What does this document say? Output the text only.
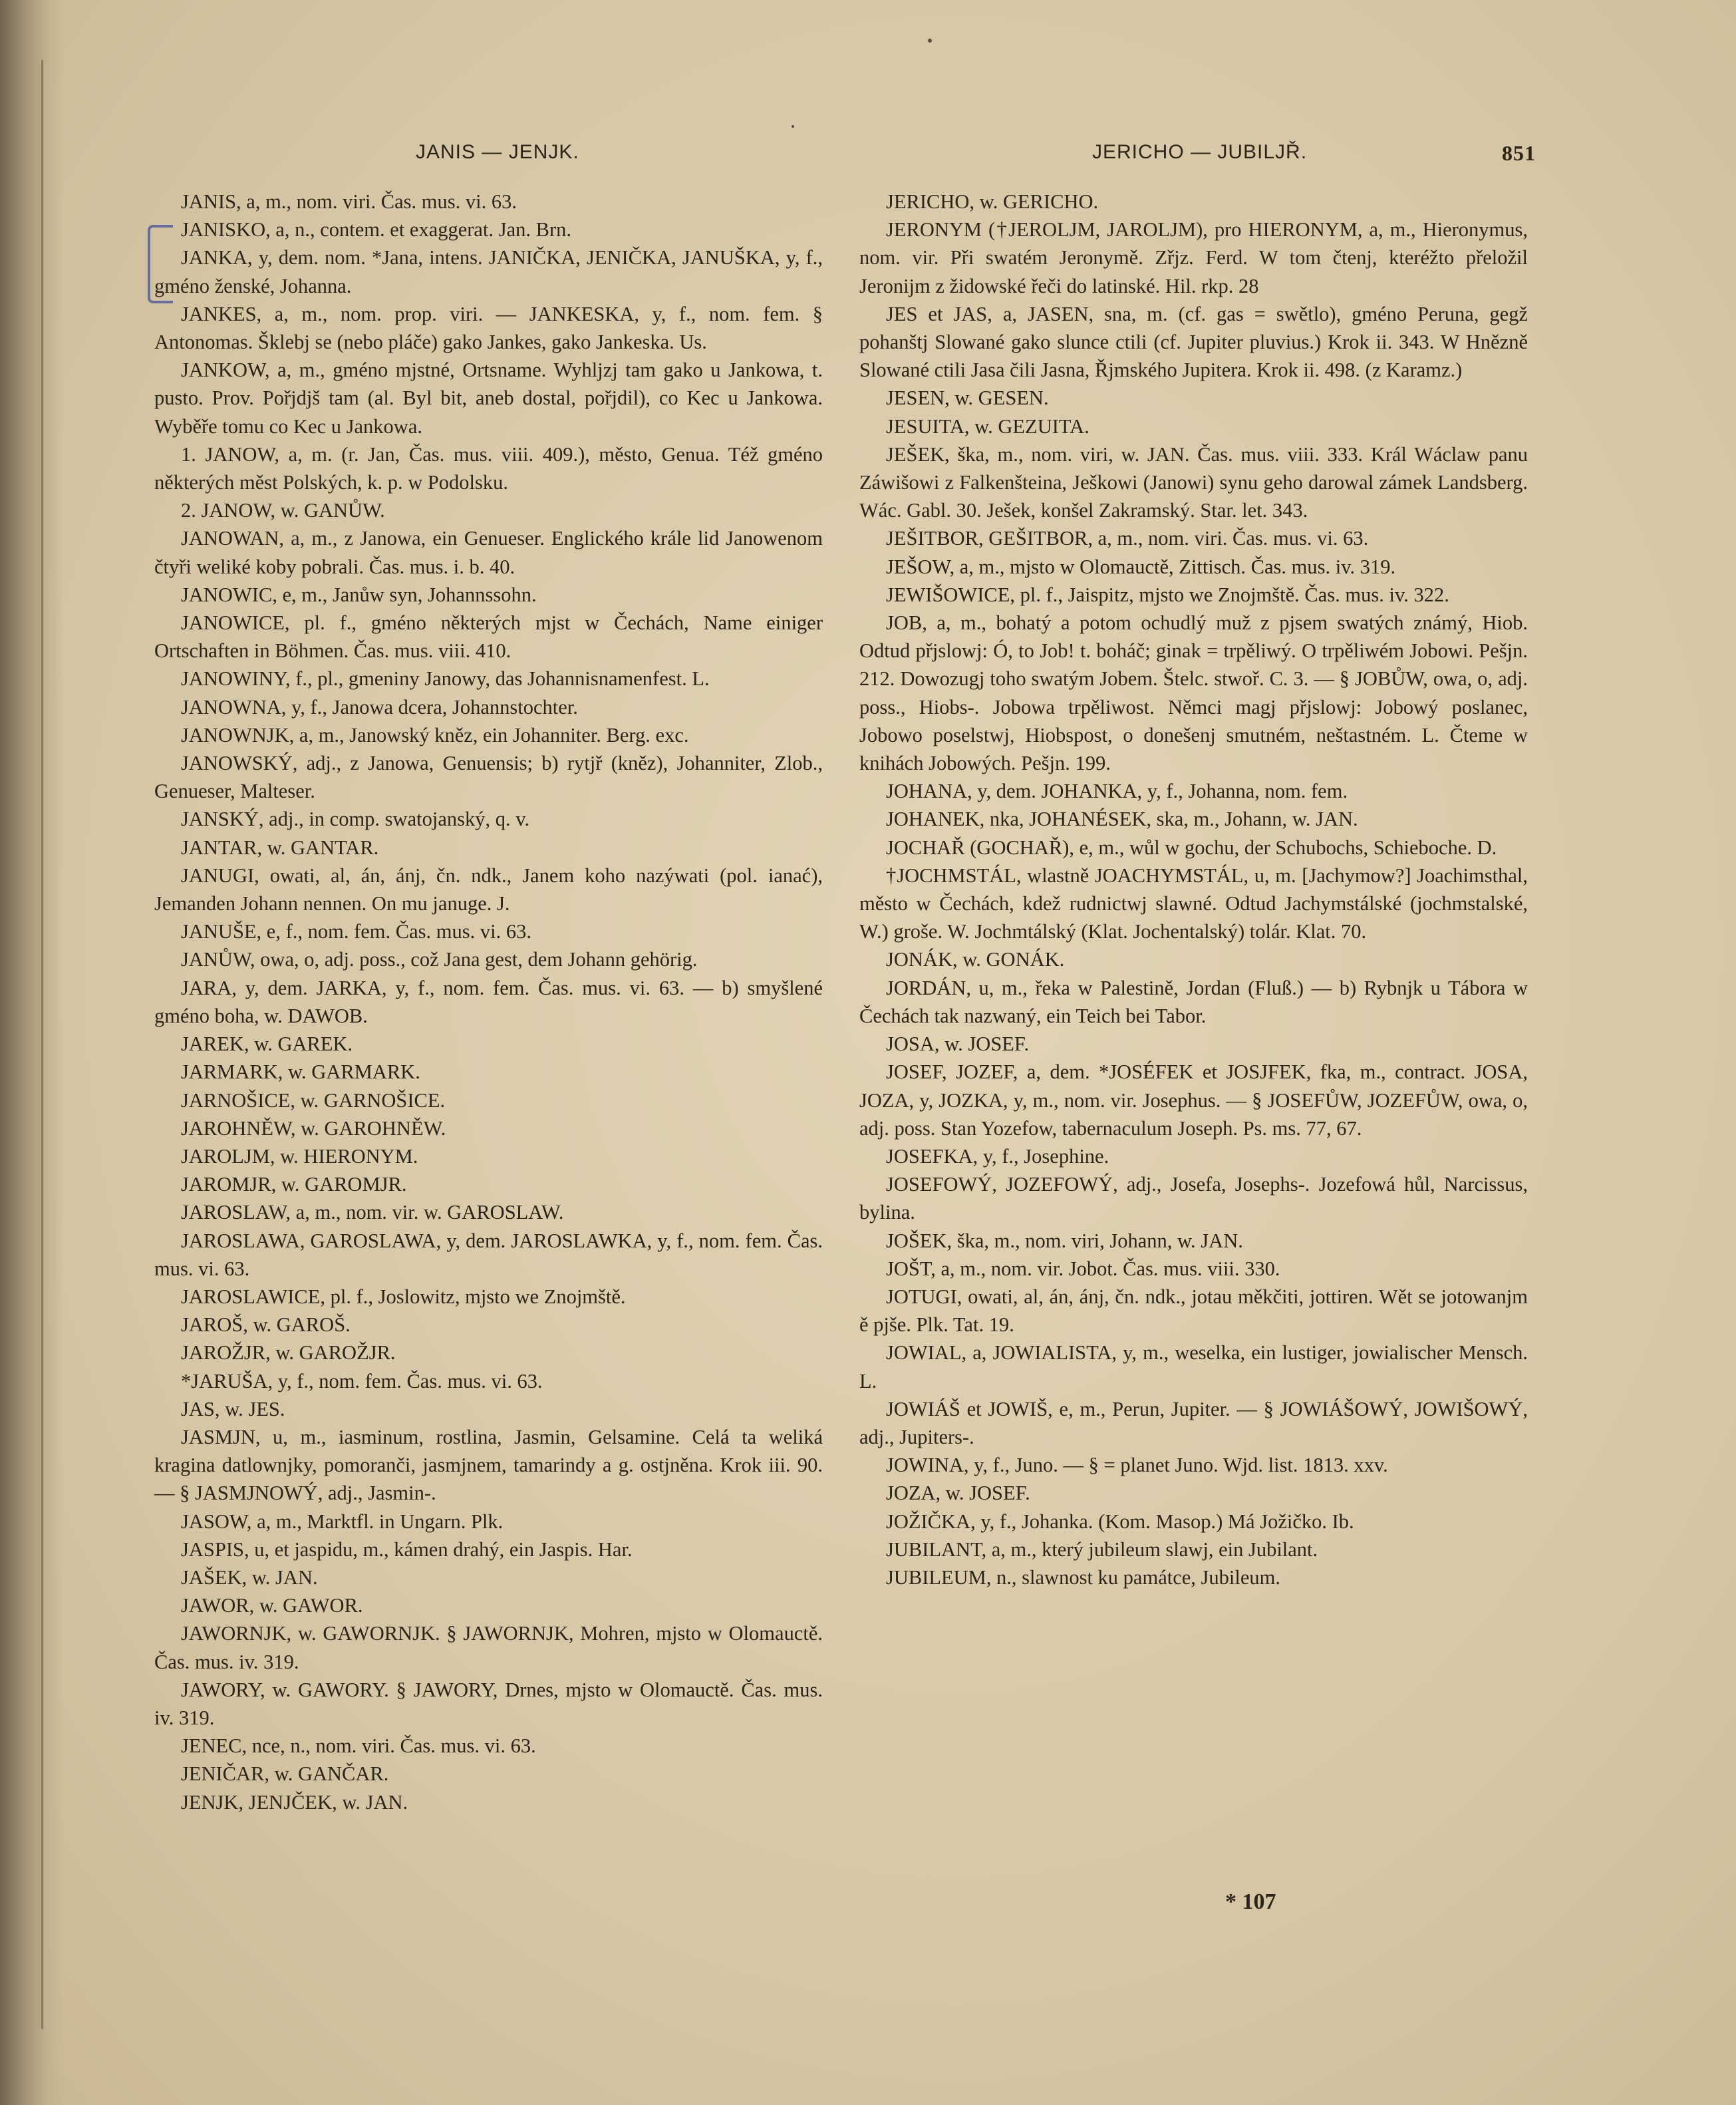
JANIS — JENJK.	JERICHO — JUBILJŘ.	851

JANIS, a, m., nom. viri. Čas. mus. vi. 63.

JANISKO, a, n., contem. et exaggerat. Jan. Brn.

JANKA, y, dem. nom. *Jana, intens. JANIČKA, JENIČKA, JANUŠKA, y, f., gméno ženské, Johanna.

JANKES, a, m., nom. prop. viri. — JANKESKA, y, f., nom. fem. § Antonomas. Šklebj se (nebo pláče) gako Jankes, gako Jankeska. Us.

JANKOW, a, m., gméno mjstné, Ortsname. Wyhljzj tam gako u Jankowa, t. pusto. Prov. Pořjdjš tam (al. Byl bit, aneb dostal, pořjdil), co Kec u Jankowa. Wyběře tomu co Kec u Jankowa.

1. JANOW, a, m. (r. Jan, Čas. mus. viii. 409.), město, Genua. Též gméno některých měst Polských, k. p. w Podolsku.

2. JANOW, w. GANŮW.

JANOWAN, a, m., z Janowa, ein Genueser. Englického krále lid Janowenom čtyři weliké koby pobrali. Čas. mus. i. b. 40.

JANOWIC, e, m., Janůw syn, Johannssohn.

JANOWICE, pl. f., gméno některých mjst w Čechách, Name einiger Ortschaften in Böhmen. Čas. mus. viii. 410.

JANOWINY, f., pl., gmeniny Janowy, das Johannisnamenfest. L.

JANOWNA, y, f., Janowa dcera, Johannstochter.

JANOWNJK, a, m., Janowský kněz, ein Johanniter. Berg. exc.

JANOWSKÝ, adj., z Janowa, Genuensis; b) rytjř (kněz), Johanniter, Zlob., Genueser, Malteser.

JANSKÝ, adj., in comp. swatojanský, q. v.

JANTAR, w. GANTAR.

JANUGI, owati, al, án, ánj, čn. ndk., Janem koho nazýwati (pol. ianać), Jemanden Johann nennen. On mu januge. J.

JANUŠE, e, f., nom. fem. Čas. mus. vi. 63.

JANŮW, owa, o, adj. poss., což Jana gest, dem Johann gehörig.

JARA, y, dem. JARKA, y, f., nom. fem. Čas. mus. vi. 63. — b) smyšlené gméno boha, w. DAWOB.

JAREK, w. GAREK.

JARMARK, w. GARMARK.

JARNOŠICE, w. GARNOŠICE.

JAROHNĚW, w. GAROHNĚW.

JAROLJM, w. HIERONYM.

JAROMJR, w. GAROMJR.

JAROSLAW, a, m., nom. vir. w. GAROSLAW.

JAROSLAWA, GAROSLAWA, y, dem. JAROSLAWKA, y, f., nom. fem. Čas. mus. vi. 63.

JAROSLAWICE, pl. f., Joslowitz, mjsto we Znojmště.

JAROŠ, w. GAROŠ.

JAROŽJR, w. GAROŽJR.

*JARUŠA, y, f., nom. fem. Čas. mus. vi. 63.

JAS, w. JES.

JASMJN, u, m., iasminum, rostlina, Jasmin, Gelsamine. Celá ta weliká kragina datlownjky, pomoranči, jasmjnem, tamarindy a g. ostjněna. Krok iii. 90. — § JASMJNOWÝ, adj., Jasmin-.

JASOW, a, m., Marktfl. in Ungarn. Plk.

JASPIS, u, et jaspidu, m., kámen drahý, ein Jaspis. Har.

JAŠEK, w. JAN.

JAWOR, w. GAWOR.

JAWORNJK, w. GAWORNJK. § JAWORNJK, Mohren, mjsto w Olomauctě. Čas. mus. iv. 319.

JAWORY, w. GAWORY. § JAWORY, Drnes, mjsto w Olomauctě. Čas. mus. iv. 319.

JENEC, nce, n., nom. viri. Čas. mus. vi. 63.

JENIČAR, w. GANČAR.

JENJK, JENJČEK, w. JAN.

JERICHO, w. GERICHO.

JERONYM (†JEROLJM, JAROLJM), pro HIERONYM, a, m., Hieronymus, nom. vir. Při swatém Jeronymě. Zřjz. Ferd. W tom čtenj, kteréžto přeložil Jeronijm z židowské řeči do latinské. Hil. rkp. 28

JES et JAS, a, JASEN, sna, m. (cf. gas = swětlo), gméno Peruna, gegž pohanštj Slowané gako slunce ctili (cf. Jupiter pluvius.) Krok ii. 343. W Hnězně Slowané ctili Jasa čili Jasna, Řjmského Jupitera. Krok ii. 498. (z Karamz.)

JESEN, w. GESEN.

JESUITA, w. GEZUITA.

JEŠEK, ška, m., nom. viri, w. JAN. Čas. mus. viii. 333. Král Wáclaw panu Záwišowi z Falkenšteina, Ješkowi (Janowi) synu geho darowal zámek Landsberg. Wác. Gabl. 30. Ješek, konšel Zakramský. Star. let. 343.

JEŠITBOR, GEŠITBOR, a, m., nom. viri. Čas. mus. vi. 63.

JEŠOW, a, m., mjsto w Olomauctě, Zittisch. Čas. mus. iv. 319.

JEWIŠOWICE, pl. f., Jaispitz, mjsto we Znojmště. Čas. mus. iv. 322.

JOB, a, m., bohatý a potom ochudlý muž z pjsem swatých známý, Hiob. Odtud přjslowj: Ó, to Job! t. boháč; ginak = trpěliwý. O trpěliwém Jobowi. Pešjn. 212. Dowozugj toho swatým Jobem. Štelc. stwoř. C. 3. — § JOBŮW, owa, o, adj. poss., Hiobs-. Jobowa trpěliwost. Němci magj přjslowj: Jobowý poslanec, Jobowo poselstwj, Hiobspost, o donešenj smutném, neštastném. L. Čteme w knihách Jobowých. Pešjn. 199.

JOHANA, y, dem. JOHANKA, y, f., Johanna, nom. fem.

JOHANEK, nka, JOHANÉSEK, ska, m., Johann, w. JAN.

JOCHAŘ (GOCHAŘ), e, m., wůl w gochu, der Schubochs, Schieboche. D.

†JOCHMSTÁL, wlastně JOACHYMSTÁL, u, m. [Jachymow?] Joachimsthal, město w Čechách, kdež rudnictwj slawné. Odtud Jachymstálské (jochmstalské, W.) groše. W. Jochmtálský (Klat. Jochentalský) tolár. Klat. 70.

JONÁK, w. GONÁK.

JORDÁN, u, m., řeka w Palestině, Jordan (Fluß.) — b) Rybnjk u Tábora w Čechách tak nazwaný, ein Teich bei Tabor.

JOSA, w. JOSEF.

JOSEF, JOZEF, a, dem. *JOSÉFEK et JOSJFEK, fka, m., contract. JOSA, JOZA, y, JOZKA, y, m., nom. vir. Josephus. — § JOSEFŮW, JOZEFŮW, owa, o, adj. poss. Stan Yozefow, tabernaculum Joseph. Ps. ms. 77, 67.

JOSEFKA, y, f., Josephine.

JOSEFOWÝ, JOZEFOWÝ, adj., Josefa, Josephs-. Jozefowá hůl, Narcissus, bylina.

JOŠEK, ška, m., nom. viri, Johann, w. JAN.

JOŠT, a, m., nom. vir. Jobot. Čas. mus. viii. 330.

JOTUGI, owati, al, án, ánj, čn. ndk., jotau měkčiti, jottiren. Wět se jotowanjm ě pjše. Plk. Tat. 19.

JOWIAL, a, JOWIALISTA, y, m., weselka, ein lustiger, jowialischer Mensch. L.

JOWIÁŠ et JOWIŠ, e, m., Perun, Jupiter. — § JOWIÁŠOWÝ, JOWIŠOWÝ, adj., Jupiters-.

JOWINA, y, f., Juno. — § = planet Juno. Wjd. list. 1813. xxv.

JOZA, w. JOSEF.

JOŽIČKA, y, f., Johanka. (Kom. Masop.) Má Jožičko. Ib.

JUBILANT, a, m., který jubileum slawj, ein Jubilant.

JUBILEUM, n., slawnost ku památce, Jubileum.

* 107
